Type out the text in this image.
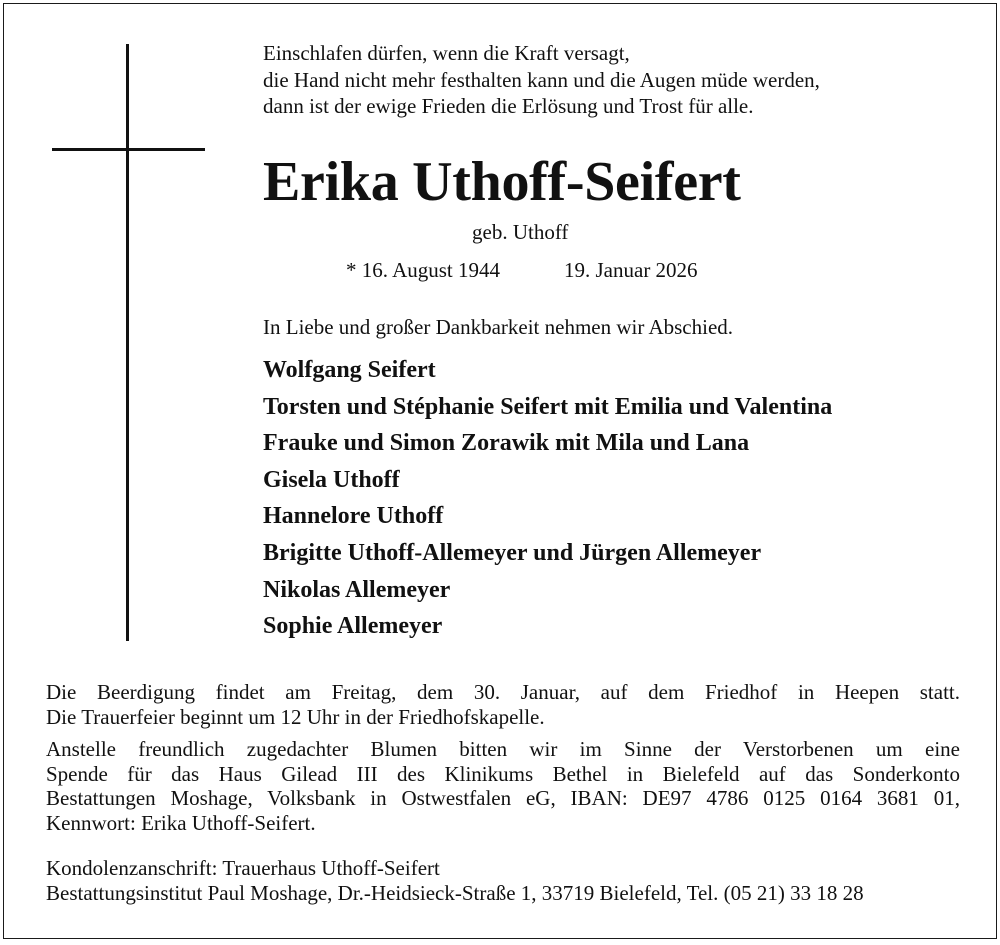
Einschlafen dürfen, wenn die Kraft versagt,
die Hand nicht mehr festhalten kann und die Augen müde werden,
dann ist der ewige Frieden die Erlösung und Trost für alle.
Erika Uthoff-Seifert
geb. Uthoff
* 16. August 1944	19. Januar 2026
In Liebe und großer Dankbarkeit nehmen wir Abschied.
Wolfgang Seifert
Torsten und Stéphanie Seifert mit Emilia und Valentina
Frauke und Simon Zorawik mit Mila und Lana
Gisela Uthoff
Hannelore Uthoff
Brigitte Uthoff-Allemeyer und Jürgen Allemeyer
Nikolas Allemeyer
Sophie Allemeyer
Die Beerdigung findet am Freitag, dem 30. Januar, auf dem Friedhof in Heepen statt.
Die Trauerfeier beginnt um 12 Uhr in der Friedhofskapelle.
Anstelle freundlich zugedachter Blumen bitten wir im Sinne der Verstorbenen um eine
Spende für das Haus Gilead III des Klinikums Bethel in Bielefeld auf das Sonderkonto
Bestattungen Moshage, Volksbank in Ostwestfalen eG, IBAN: DE97 4786 0125 0164 3681 01,
Kennwort: Erika Uthoff-Seifert.
Kondolenzanschrift: Trauerhaus Uthoff-Seifert
Bestattungsinstitut Paul Moshage, Dr.-Heidsieck-Straße 1, 33719 Bielefeld, Tel. (05 21) 33 18 28
